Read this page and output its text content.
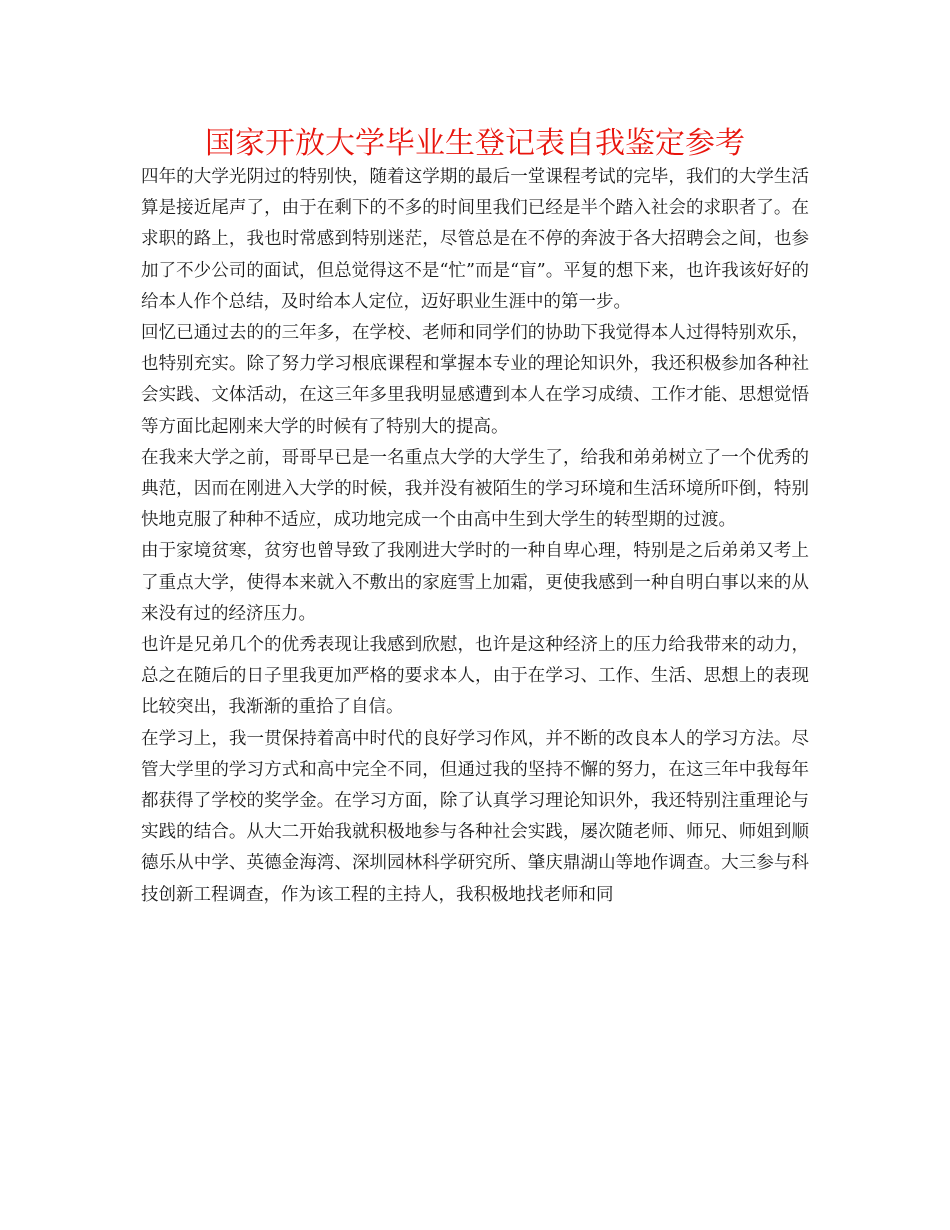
国家开放大学毕业生登记表自我鉴定参考

四年的大学光阴过的特别快，随着这学期的最后一堂课程考试的完毕，我们的大学生活算是接近尾声了，由于在剩下的不多的时间里我们已经是半个踏入社会的求职者了。在求职的路上，我也时常感到特别迷茫，尽管总是在不停的奔波于各大招聘会之间，也参加了不少公司的面试，但总觉得这不是“忙”而是“盲”。平复的想下来，也许我该好好的给本人作个总结，及时给本人定位，迈好职业生涯中的第一步。

回忆已通过去的的三年多，在学校、老师和同学们的协助下我觉得本人过得特别欢乐，也特别充实。除了努力学习根底课程和掌握本专业的理论知识外，我还积极参加各种社会实践、文体活动，在这三年多里我明显感遭到本人在学习成绩、工作才能、思想觉悟等方面比起刚来大学的时候有了特别大的提高。

在我来大学之前，哥哥早已是一名重点大学的大学生了，给我和弟弟树立了一个优秀的典范，因而在刚进入大学的时候，我并没有被陌生的学习环境和生活环境所吓倒，特别快地克服了种种不适应，成功地完成一个由高中生到大学生的转型期的过渡。

由于家境贫寒，贫穷也曾导致了我刚进大学时的一种自卑心理，特别是之后弟弟又考上了重点大学，使得本来就入不敷出的家庭雪上加霜，更使我感到一种自明白事以来的从来没有过的经济压力。

也许是兄弟几个的优秀表现让我感到欣慰，也许是这种经济上的压力给我带来的动力，总之在随后的日子里我更加严格的要求本人，由于在学习、工作、生活、思想上的表现比较突出，我渐渐的重拾了自信。

在学习上，我一贯保持着高中时代的良好学习作风，并不断的改良本人的学习方法。尽管大学里的学习方式和高中完全不同，但通过我的坚持不懈的努力，在这三年中我每年都获得了学校的奖学金。在学习方面，除了认真学习理论知识外，我还特别注重理论与实践的结合。从大二开始我就积极地参与各种社会实践，屡次随老师、师兄、师姐到顺德乐从中学、英德金海湾、深圳园林科学研究所、肇庆鼎湖山等地作调查。大三参与科技创新工程调查，作为该工程的主持人，我积极地找老师和同
